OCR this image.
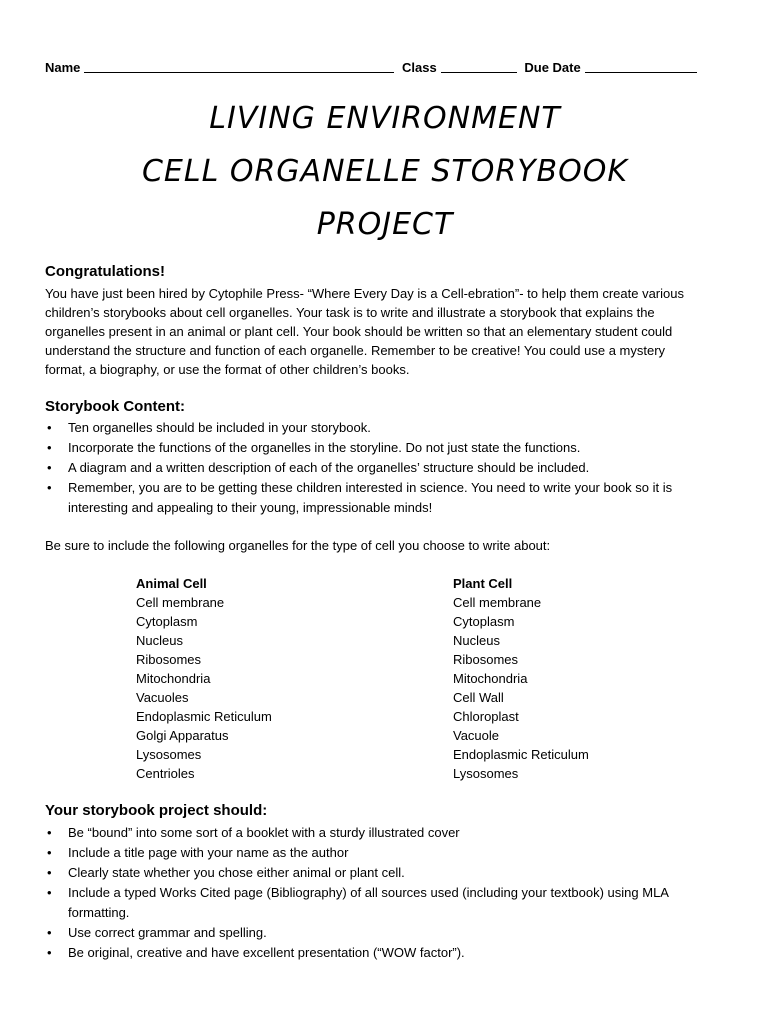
Name	Class	Due Date
LIVING ENVIRONMENT
CELL ORGANELLE STORYBOOK
PROJECT
Congratulations!
You have just been hired by Cytophile Press- “Where Every Day is a Cell-ebration”- to help them create various
children’s storybooks about cell organelles. Your task is to write and illustrate a storybook that explains the
organelles present in an animal or plant cell. Your book should be written so that an elementary student could
understand the structure and function of each organelle. Remember to be creative! You could use a mystery
format, a biography, or use the format of other children’s books.
Storybook Content:
• Ten organelles should be included in your storybook.
• Incorporate the functions of the organelles in the storyline. Do not just state the functions.
• A diagram and a written description of each of the organelles’ structure should be included.
• Remember, you are to be getting these children interested in science. You need to write your book so it is
interesting and appealing to their young, impressionable minds!
Be sure to include the following organelles for the type of cell you choose to write about:
Animal Cell
Cell membrane
Cytoplasm
Nucleus
Ribosomes
Mitochondria
Vacuoles
Endoplasmic Reticulum
Golgi Apparatus
Lysosomes
Centrioles
Plant Cell
Cell membrane
Cytoplasm
Nucleus
Ribosomes
Mitochondria
Cell Wall
Chloroplast
Vacuole
Endoplasmic Reticulum
Lysosomes
Your storybook project should:
• Be “bound” into some sort of a booklet with a sturdy illustrated cover
• Include a title page with your name as the author
• Clearly state whether you chose either animal or plant cell.
• Include a typed Works Cited page (Bibliography) of all sources used (including your textbook) using MLA
formatting.
• Use correct grammar and spelling.
• Be original, creative and have excellent presentation (“WOW factor”).
